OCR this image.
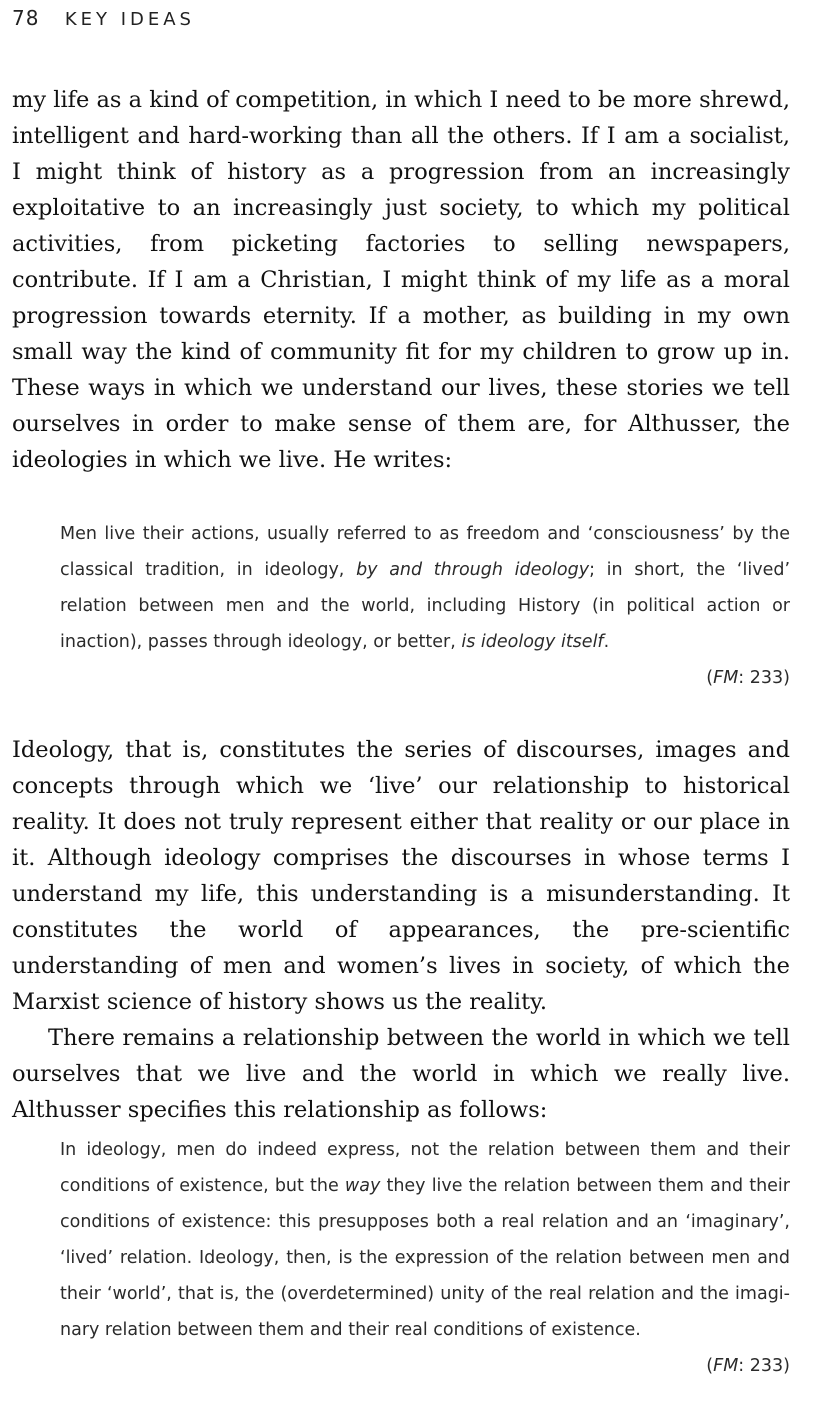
78 KEY IDEAS

my life as a kind of competition, in which I need to be more shrewd, intelligent and hard-working than all the others. If I am a socialist, I might think of history as a progression from an increasingly exploitative to an increasingly just society, to which my political activities, from picketing factories to selling newspapers, contribute. If I am a Christian, I might think of my life as a moral progression towards eternity. If a mother, as building in my own small way the kind of community fit for my children to grow up in. These ways in which we understand our lives, these stories we tell ourselves in order to make sense of them are, for Althusser, the ideologies in which we live. He writes:

Men live their actions, usually referred to as freedom and ‘consciousness’ by the classical tradition, in ideology, by and through ideology; in short, the ‘lived’ relation between men and the world, including History (in political action or inaction), passes through ideology, or better, is ideology itself.

(FM: 233)

Ideology, that is, constitutes the series of discourses, images and concepts through which we ‘live’ our relationship to historical reality. It does not truly represent either that reality or our place in it. Although ideology comprises the discourses in whose terms I understand my life, this understanding is a misunderstanding. It constitutes the world of appearances, the pre-scientific understanding of men and women’s lives in society, of which the Marxist science of history shows us the reality.

There remains a relationship between the world in which we tell ourselves that we live and the world in which we really live. Althusser specifies this relationship as follows:

In ideology, men do indeed express, not the relation between them and their conditions of existence, but the way they live the relation between them and their conditions of existence: this presupposes both a real relation and an ‘imaginary’, ‘lived’ relation. Ideology, then, is the expression of the relation between men and their ‘world’, that is, the (overdetermined) unity of the real relation and the imaginary relation between them and their real conditions of existence.

(FM: 233)
